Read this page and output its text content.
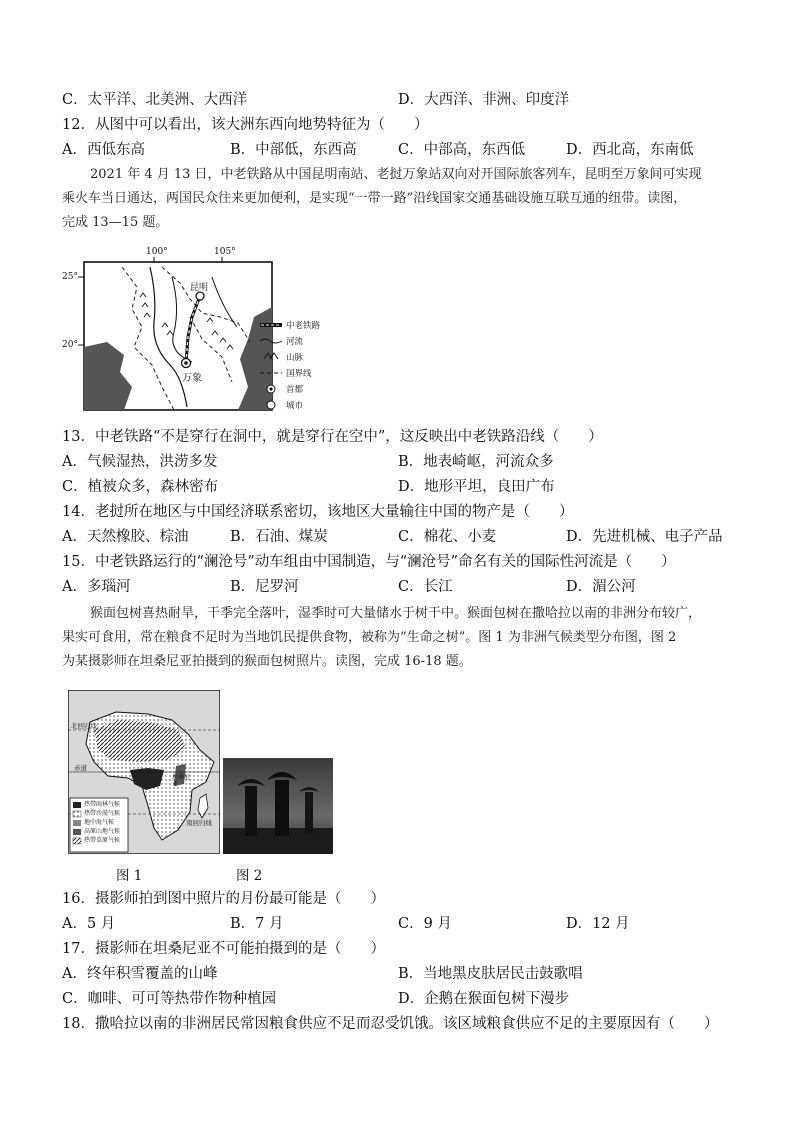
C．太平洋、北美洲、大西洋	D．大西洋、非洲、印度洋
12．从图中可以看出，该大洲东西向地势特征为（　　）
A．西低东高	B．中部低，东西高	C．中部高，东西低	D．西北高，东南低
2021 年 4 月 13 日，中老铁路从中国昆明南站、老挝万象站双向对开国际旅客列车，昆明至万象间可实现
乘火车当日通达，两国民众往来更加便利，是实现“一带一路”沿线国家交通基础设施互联互通的纽带。读图，
完成 13—15 题。
100°	105°
25°
20°
昆明
万象
中老铁路
河流
山脉
国界线
首都
城市
13．中老铁路“不是穿行在洞中，就是穿行在空中”，这反映出中老铁路沿线（　　）
A．气候湿热，洪涝多发	B．地表崎岖，河流众多
C．植被众多，森林密布	D．地形平坦，良田广布
14．老挝所在地区与中国经济联系密切，该地区大量输往中国的物产是（　　）
A．天然橡胶、棕油	B．石油、煤炭	C．棉花、小麦	D．先进机械、电子产品
15．中老铁路运行的“澜沧号”动车组由中国制造，与“澜沧号”命名有关的国际性河流是（　　）
A．多瑙河	B．尼罗河	C．长江	D．湄公河
猴面包树喜热耐旱，干季完全落叶，湿季时可大量储水于树干中。猴面包树在撒哈拉以南的非洲分布较广，
果实可食用，常在粮食不足时为当地饥民提供食物，被称为“生命之树”。图 1 为非洲气候类型分布图，图 2
为某摄影师在坦桑尼亚拍摄到的猴面包树照片。读图，完成 16-18 题。
北回归线
赤道
南回归线
坦桑尼亚
热带雨林气候
热带沙漠气候
地中海气候
高原山地气候
热带草原气候
图 1	图 2
16．摄影师拍到图中照片的月份最可能是（　　）
A．5 月	B．7 月	C．9 月	D．12 月
17．摄影师在坦桑尼亚不可能拍摄到的是（　　）
A．终年积雪覆盖的山峰	B．当地黑皮肤居民击鼓歌唱
C．咖啡、可可等热带作物种植园	D．企鹅在猴面包树下漫步
18．撒哈拉以南的非洲居民常因粮食供应不足而忍受饥饿。该区域粮食供应不足的主要原因有（　　）
